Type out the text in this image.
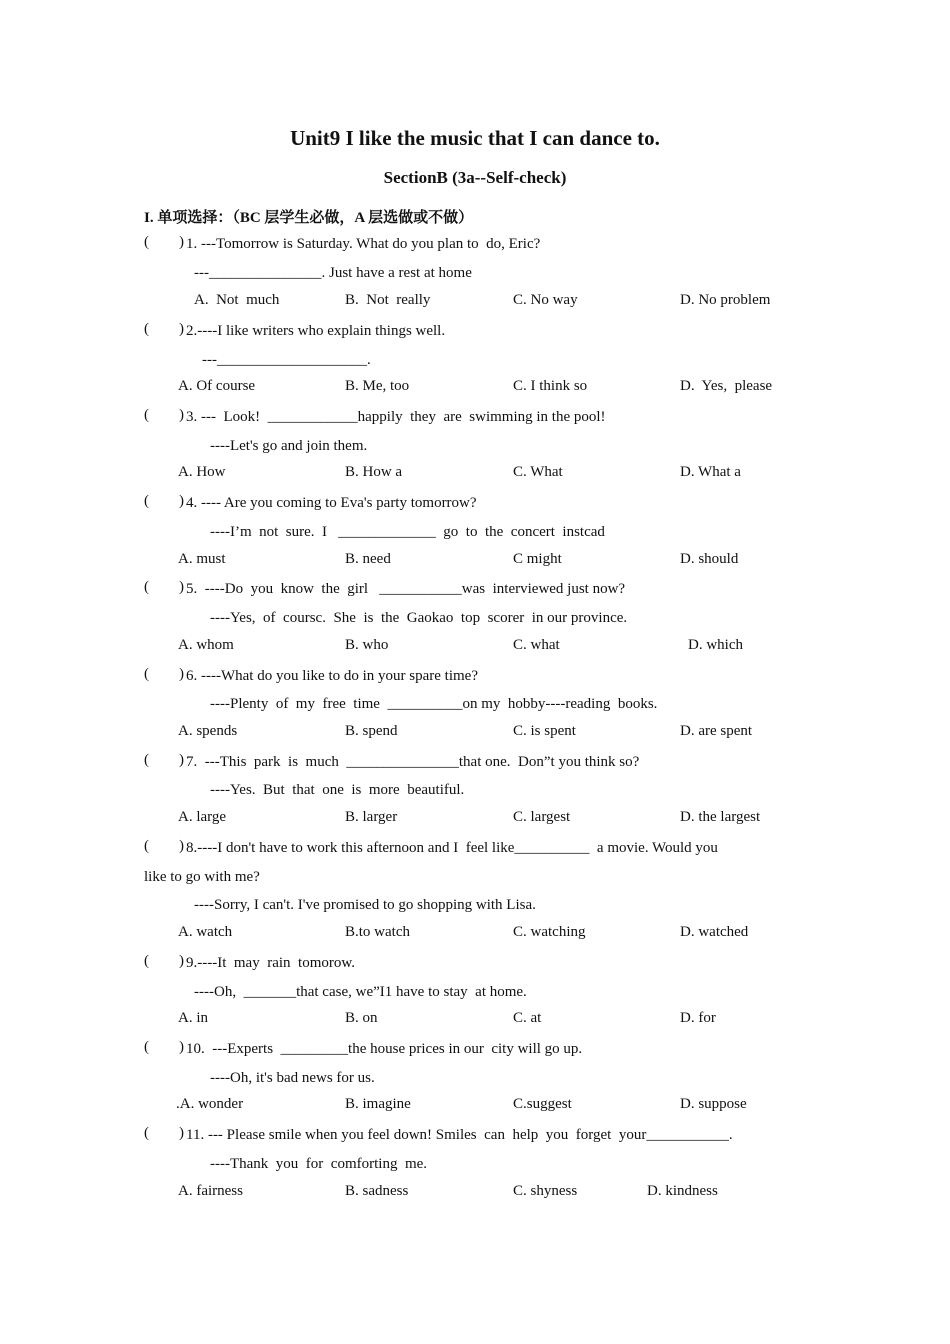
Unit9 I like the music that I can dance to.
SectionB (3a--Self-check)
I. 单项选择：（BC 层学生必做，A 层选做或不做）
(        ) 1. ---Tomorrow is Saturday. What do you plan to  do, Eric?
---_______________. Just have a rest at home
A.  Not  much	B.  Not  really	C. No way	D. No problem
(        ) 2.----I like writers who explain things well.
---____________________.
A. Of course	B. Me, too	C. I think so	D.  Yes,  please
(        ) 3. ---  Look!  ____________happily  they  are  swimming in the pool!
----Let's go and join them.
A. How	B. How a	C. What	D. What a
(        ) 4. ---- Are you coming to Eva's party tomorrow?
----I’m  not  sure.  I   _____________  go  to  the  concert  instcad
A. must	B. need	C might	D. should
(        ) 5.  ----Do  you  know  the  girl   ___________was  interviewed just now?
----Yes,  of  coursc.  She  is  the  Gaokao  top  scorer  in our province.
A. whom	B. who	C. what	D. which
(        ) 6. ----What do you like to do in your spare time?
----Plenty  of  my  free  time  __________on my  hobby----reading  books.
A. spends	B. spend	C. is spent	D. are spent
(        ) 7.  ---This  park  is  much  _______________that one.  Don”t you think so?
----Yes.  But  that  one  is  more  beautiful.
A. large	B. larger	C. largest	D. the largest
(        ) 8.----I don't have to work this afternoon and I  feel like__________  a movie. Would you
like to go with me?
----Sorry, I can't. I've promised to go shopping with Lisa.
A. watch	B.to watch	C. watching	D. watched
(        ) 9.----It  may  rain  tomorow.
----Oh,  _______that case, we”I1 have to stay  at home.
A. in	B. on	C. at	D. for
(        ) 10.  ---Experts  _________the house prices in our  city will go up.
----Oh, it's bad news for us.
.A. wonder	B. imagine	C.suggest	D. suppose
(        ) 11. --- Please smile when you feel down! Smiles  can  help  you  forget  your___________.
----Thank  you  for  comforting  me.
A. fairness	B. sadness	C. shyness	D. kindness
